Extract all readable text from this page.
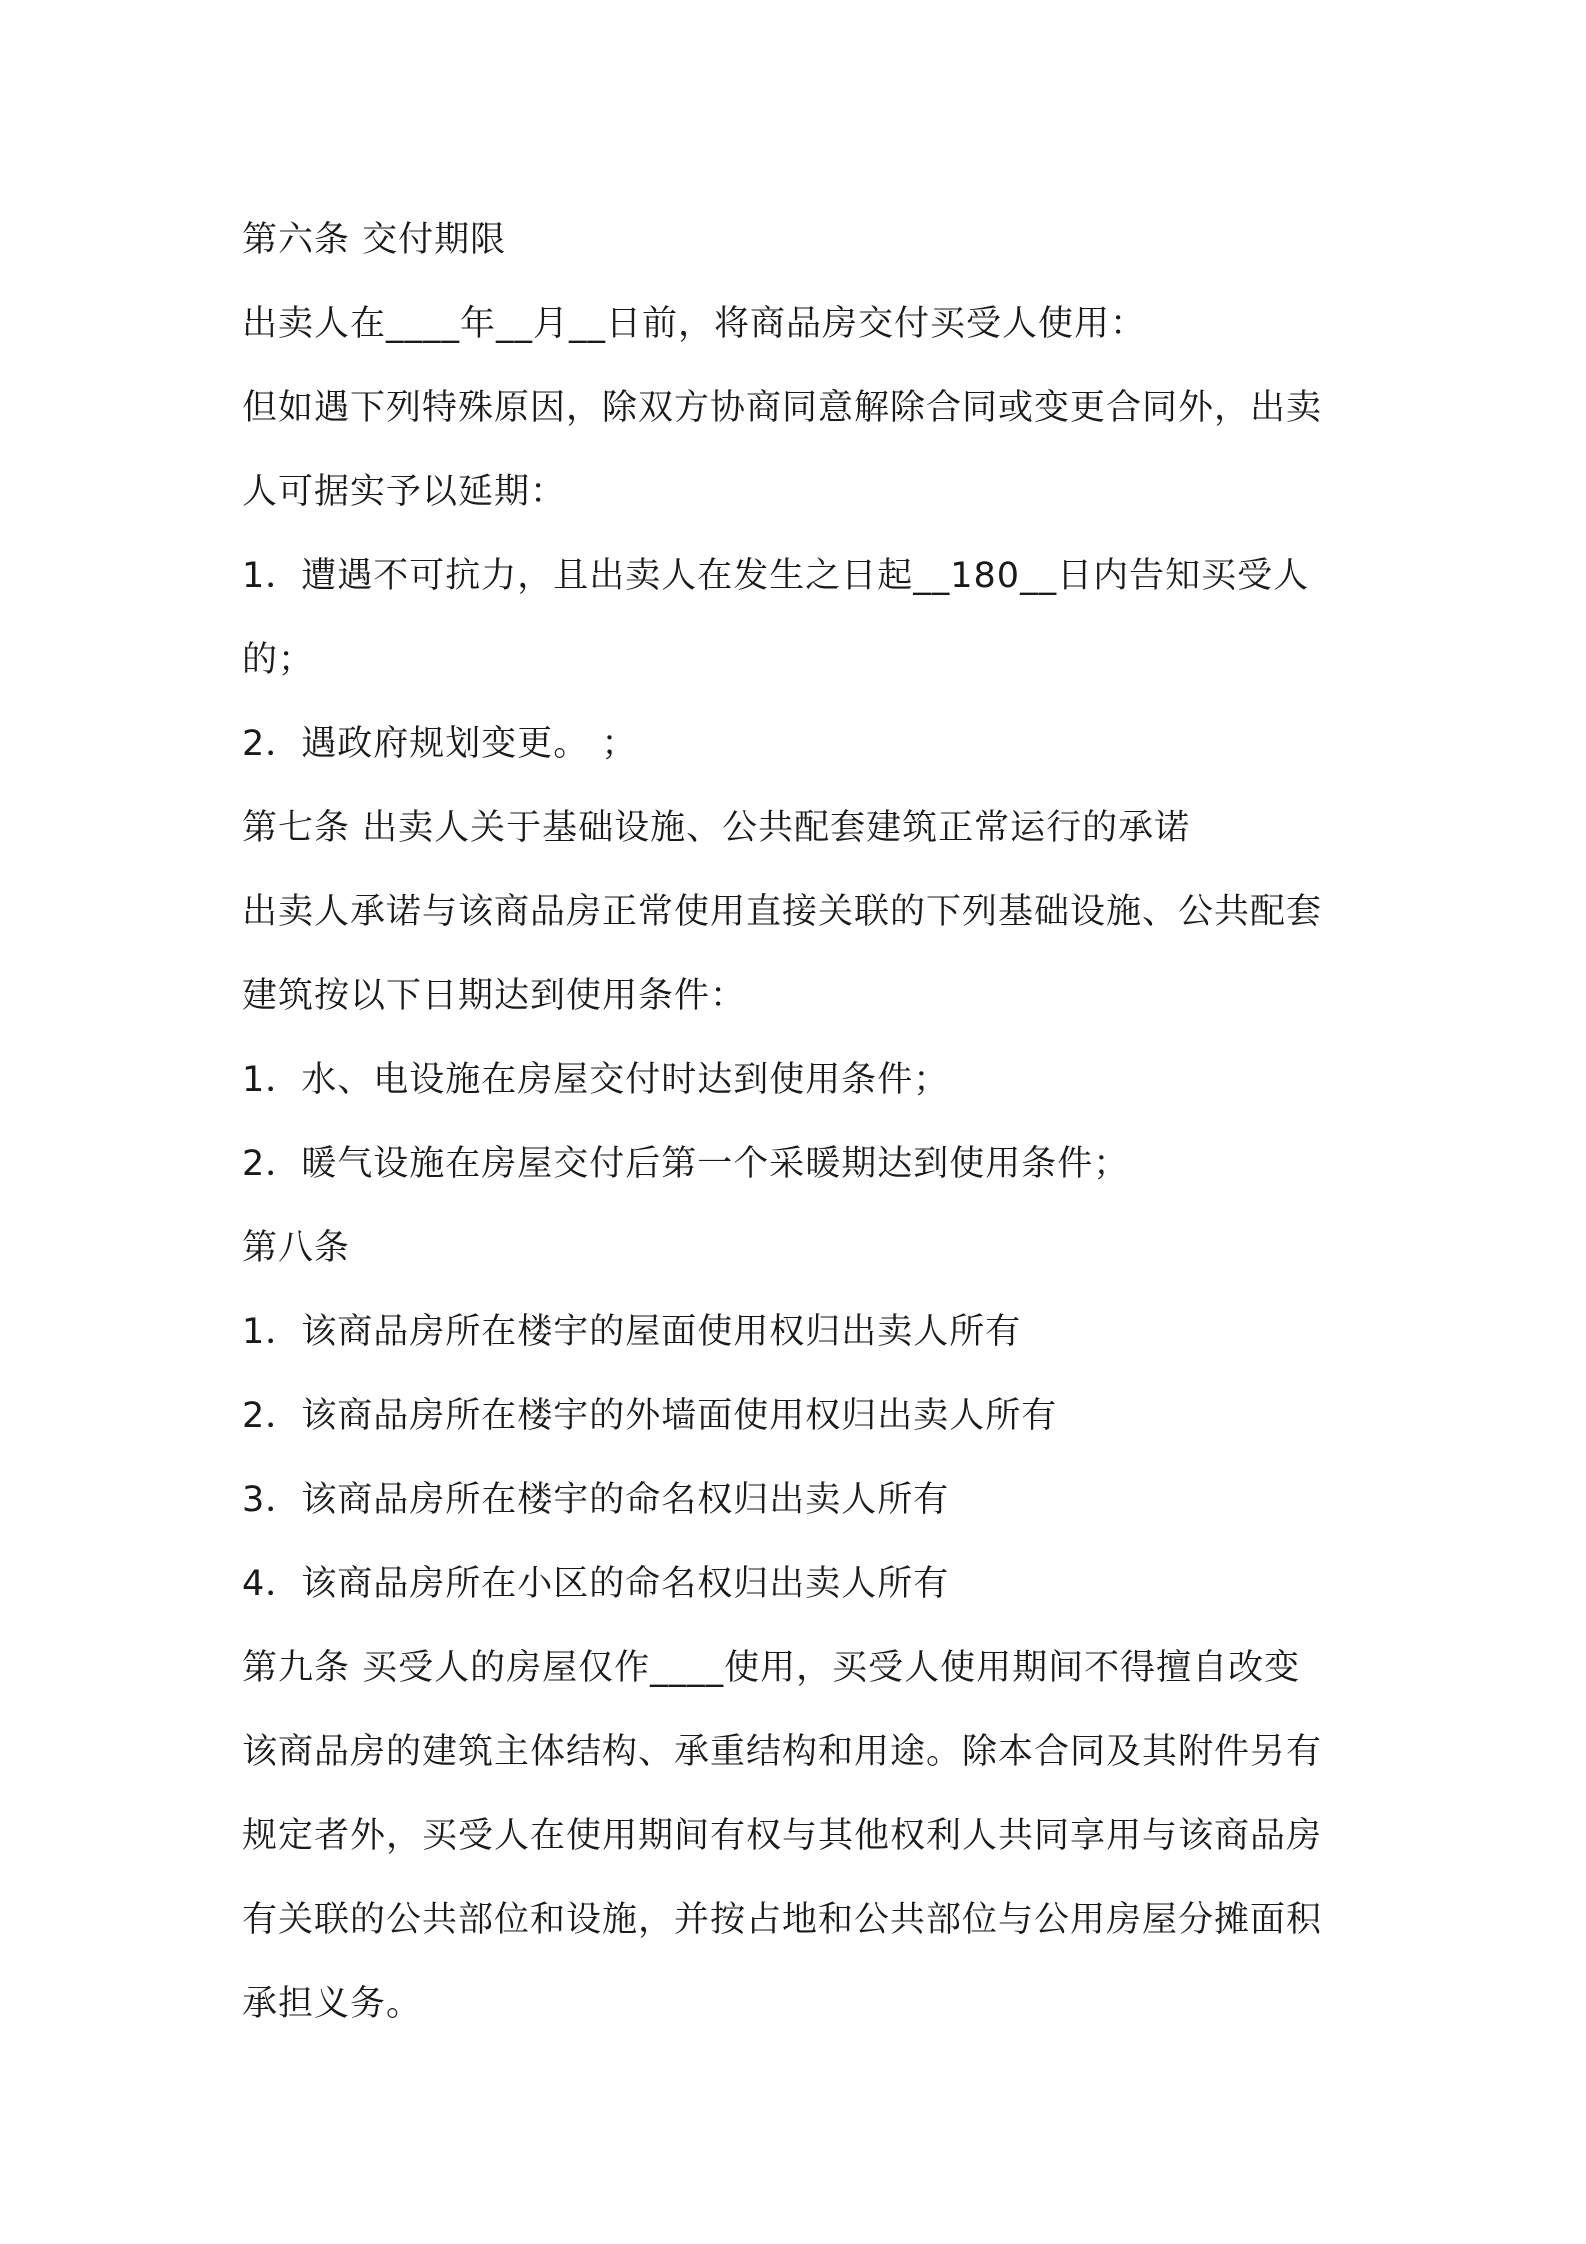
第六条 交付期限
出卖人在____年__月__日前，将商品房交付买受人使用：
但如遇下列特殊原因，除双方协商同意解除合同或变更合同外，出卖
人可据实予以延期：
1．遭遇不可抗力，且出卖人在发生之日起__180__日内告知买受人
的；
2．遇政府规划变更。 ；
第七条 出卖人关于基础设施、公共配套建筑正常运行的承诺
出卖人承诺与该商品房正常使用直接关联的下列基础设施、公共配套
建筑按以下日期达到使用条件：
1．水、电设施在房屋交付时达到使用条件；
2．暖气设施在房屋交付后第一个采暖期达到使用条件；
第八条
1．该商品房所在楼宇的屋面使用权归出卖人所有
2．该商品房所在楼宇的外墙面使用权归出卖人所有
3．该商品房所在楼宇的命名权归出卖人所有
4．该商品房所在小区的命名权归出卖人所有
第九条 买受人的房屋仅作____使用，买受人使用期间不得擅自改变
该商品房的建筑主体结构、承重结构和用途。除本合同及其附件另有
规定者外，买受人在使用期间有权与其他权利人共同享用与该商品房
有关联的公共部位和设施，并按占地和公共部位与公用房屋分摊面积
承担义务。
